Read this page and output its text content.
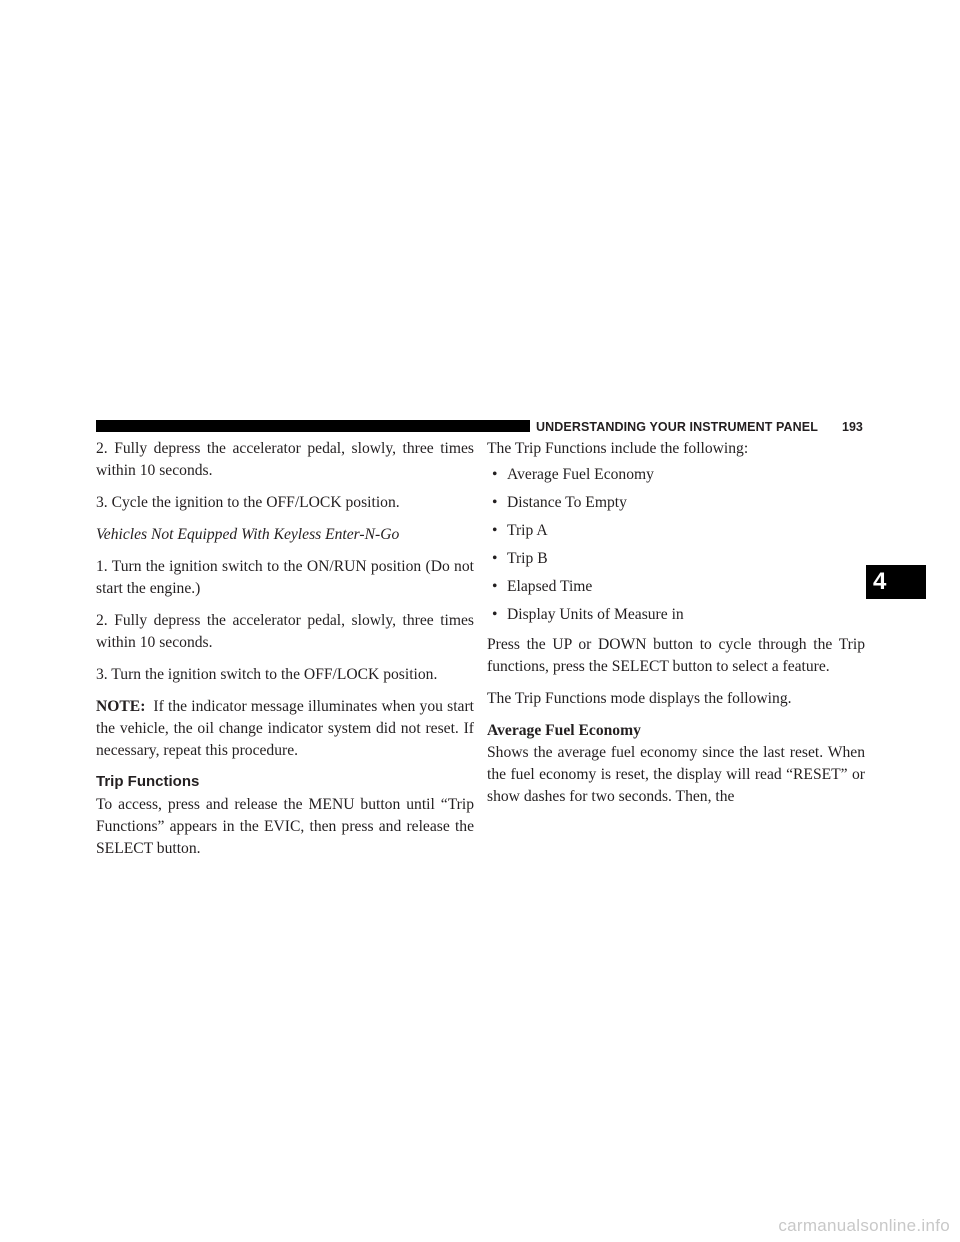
UNDERSTANDING YOUR INSTRUMENT PANEL 193
4

2. Fully depress the accelerator pedal, slowly, three times within 10 seconds.

3. Cycle the ignition to the OFF/LOCK position.

Vehicles Not Equipped With Keyless Enter-N-Go

1. Turn the ignition switch to the ON/RUN position (Do not start the engine.)

2. Fully depress the accelerator pedal, slowly, three times within 10 seconds.

3. Turn the ignition switch to the OFF/LOCK position.

NOTE: If the indicator message illuminates when you start the vehicle, the oil change indicator system did not reset. If necessary, repeat this procedure.

Trip Functions

To access, press and release the MENU button until “Trip Functions” appears in the EVIC, then press and release the SELECT button.

The Trip Functions include the following:

• Average Fuel Economy
• Distance To Empty
• Trip A
• Trip B
• Elapsed Time
• Display Units of Measure in

Press the UP or DOWN button to cycle through the Trip functions, press the SELECT button to select a feature.

The Trip Functions mode displays the following.

Average Fuel Economy

Shows the average fuel economy since the last reset. When the fuel economy is reset, the display will read “RESET” or show dashes for two seconds. Then, the

carmanualsonline.info
